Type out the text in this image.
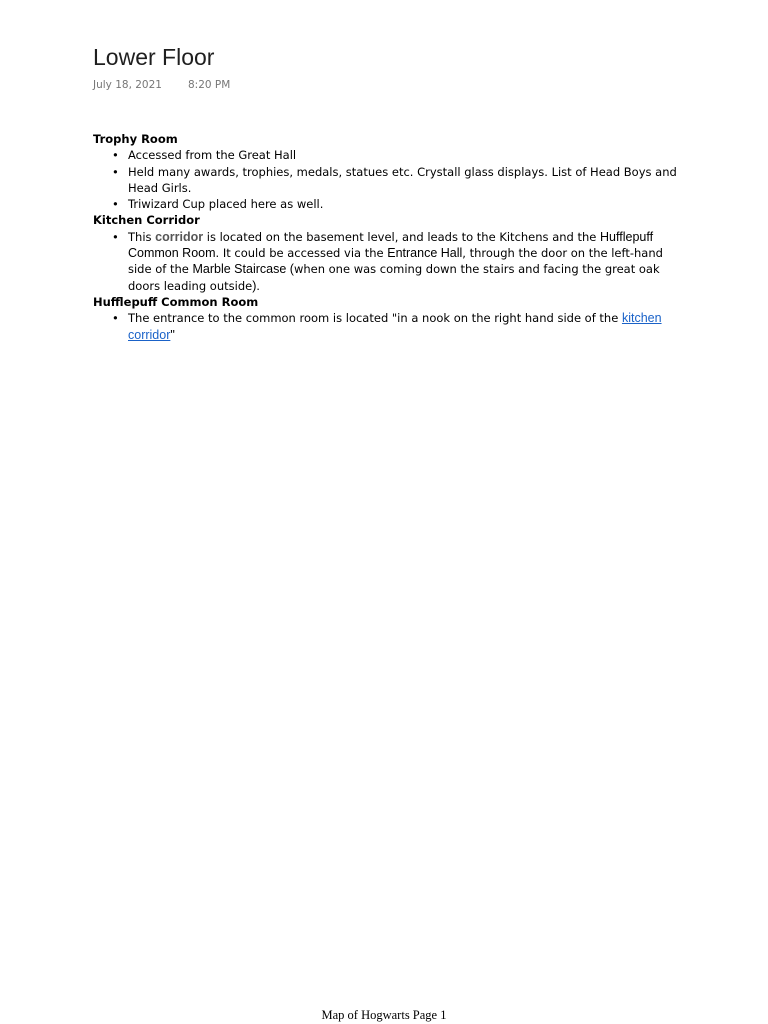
Lower Floor
July 18, 2021 8:20 PM

Trophy Room

• Accessed from the Great Hall
• Held many awards, trophies, medals, statues etc. Crystall glass displays. List of Head Boys and Head Girls.
• Triwizard Cup placed here as well.

Kitchen Corridor

• This corridor is located on the basement level, and leads to the Kitchens and the Hufflepuff Common Room. It could be accessed via the Entrance Hall, through the door on the left-hand side of the Marble Staircase (when one was coming down the stairs and facing the great oak doors leading outside).

Hufflepuff Common Room

• The entrance to the common room is located "in a nook on the right hand side of the kitchen corridor"
Map of Hogwarts Page 1
